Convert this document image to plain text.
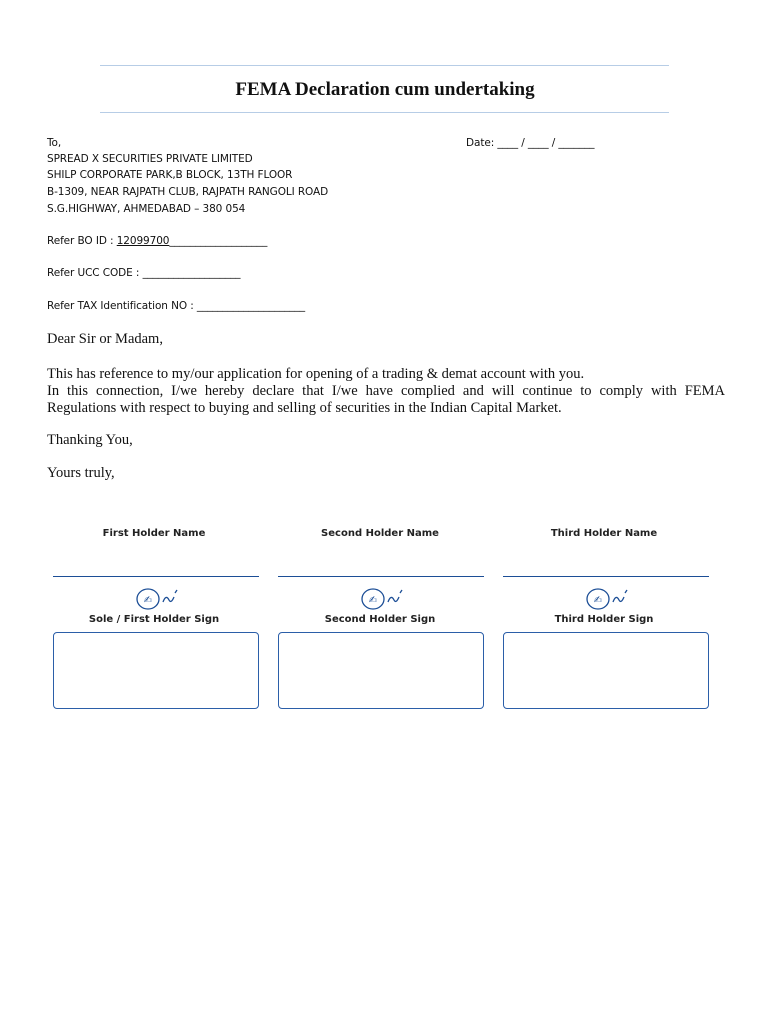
FEMA Declaration cum undertaking
Date: ____ / ____ / _______
To,
SPREAD X SECURITIES PRIVATE LIMITED
SHILP CORPORATE PARK,B BLOCK, 13TH FLOOR
B-1309, NEAR RAJPATH CLUB, RAJPATH RANGOLI ROAD
S.G.HIGHWAY, AHMEDABAD – 380 054
Refer BO ID : 12099700___________________
Refer UCC CODE : ___________________
Refer TAX Identification NO : _____________________
Dear Sir or Madam,
This has reference to my/our application for opening of a trading & demat account with you.
In this connection, I/we hereby declare that I/we have complied and will continue to comply with FEMA
Regulations with respect to buying and selling of securities in the Indian Capital Market.
Thanking You,
Yours truly,
First Holder Name
✍
Sole / First Holder Sign
Second Holder Name
✍
Second Holder Sign
Third Holder Name
✍
Third Holder Sign
